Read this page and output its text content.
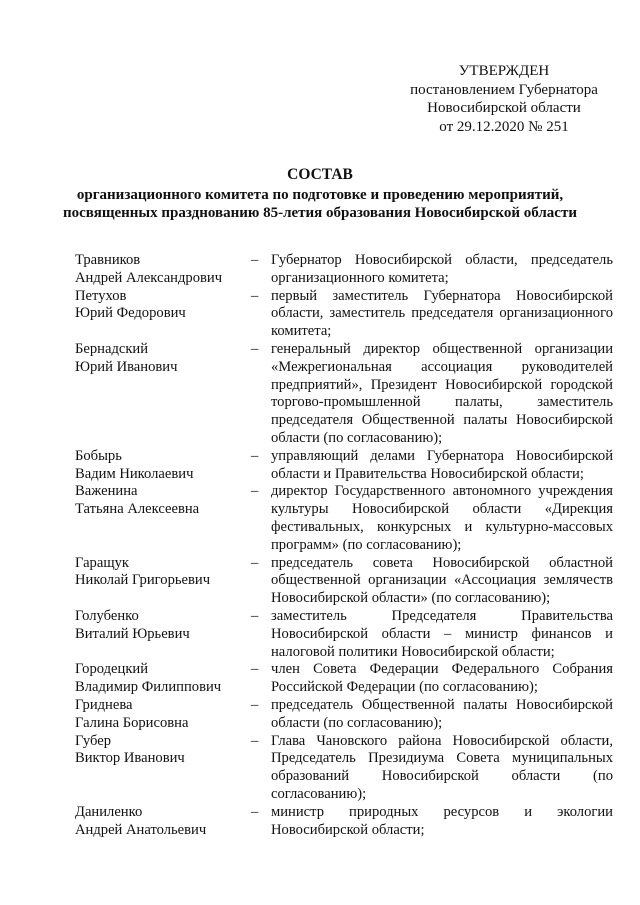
УТВЕРЖДЕН
постановлением Губернатора
Новосибирской области
от 29.12.2020 № 251
СОСТАВ
организационного комитета по подготовке и проведению мероприятий,
посвященных празднованию 85-летия образования Новосибирской области
Травников
Андрей Александрович
– Губернатор Новосибирской области, председатель организационного комитета;
Петухов
Юрий Федорович
– первый заместитель Губернатора Новосибирской области, заместитель председателя организационного комитета;
Бернадский
Юрий Иванович
– генеральный директор общественной организации «Межрегиональная ассоциация руководителей предприятий», Президент Новосибирской городской торгово-промышленной палаты, заместитель председателя Общественной палаты Новосибирской области (по согласованию);
Бобырь
Вадим Николаевич
– управляющий делами Губернатора Новосибирской области и Правительства Новосибирской области;
Важенина
Татьяна Алексеевна
– директор Государственного автономного учреждения культуры Новосибирской области «Дирекция фестивальных, конкурсных и культурно-массовых программ» (по согласованию);
Гаращук
Николай Григорьевич
– председатель совета Новосибирской областной общественной организации «Ассоциация землячеств Новосибирской области» (по согласованию);
Голубенко
Виталий Юрьевич
– заместитель Председателя Правительства Новосибирской области – министр финансов и налоговой политики Новосибирской области;
Городецкий
Владимир Филиппович
– член Совета Федерации Федерального Собрания Российской Федерации (по согласованию);
Гриднева
Галина Борисовна
– председатель Общественной палаты Новосибирской области (по согласованию);
Губер
Виктор Иванович
– Глава Чановского района Новосибирской области, Председатель Президиума Совета муниципальных образований Новосибирской области (по согласованию);
Даниленко
Андрей Анатольевич
– министр природных ресурсов и экологии Новосибирской области;
